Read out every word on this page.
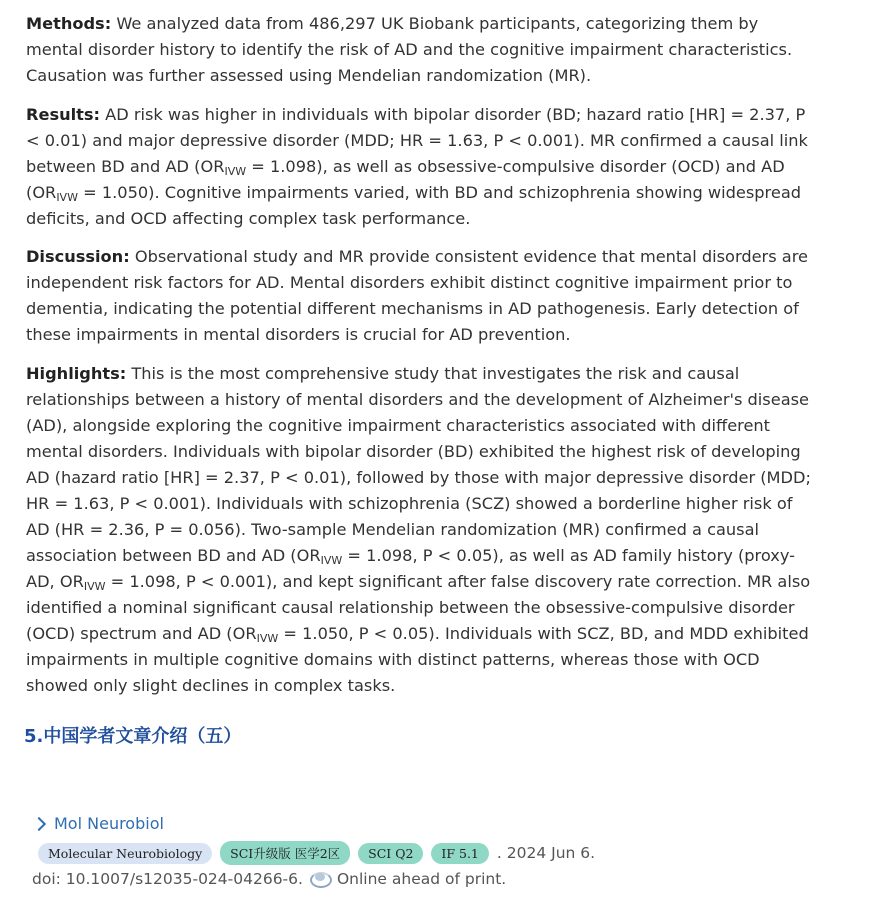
Methods: We analyzed data from 486,297 UK Biobank participants, categorizing them by mental disorder history to identify the risk of AD and the cognitive impairment characteristics. Causation was further assessed using Mendelian randomization (MR).

Results: AD risk was higher in individuals with bipolar disorder (BD; hazard ratio [HR] = 2.37, P < 0.01) and major depressive disorder (MDD; HR = 1.63, P < 0.001). MR confirmed a causal link between BD and AD $(OR_{IVW} = 1.098)$, as well as obsessive-compulsive disorder (OCD) and AD $(OR_{IVW} = 1.050)$. Cognitive impairments varied, with BD and schizophrenia showing widespread deficits, and OCD affecting complex task performance.

Discussion: Observational study and MR provide consistent evidence that mental disorders are independent risk factors for AD. Mental disorders exhibit distinct cognitive impairment prior to dementia, indicating the potential different mechanisms in AD pathogenesis. Early detection of these impairments in mental disorders is crucial for AD prevention.

Highlights: This is the most comprehensive study that investigates the risk and causal relationships between a history of mental disorders and the development of Alzheimer's disease (AD), alongside exploring the cognitive impairment characteristics associated with different mental disorders. Individuals with bipolar disorder (BD) exhibited the highest risk of developing AD (hazard ratio [HR] = 2.37, P < 0.01), followed by those with major depressive disorder (MDD; HR = 1.63, P < 0.001). Individuals with schizophrenia (SCZ) showed a borderline higher risk of AD (HR = 2.36, P = 0.056). Two-sample Mendelian randomization (MR) confirmed a causal association between BD and AD ($OR_{IVW} = 1.098$, P < 0.05), as well as AD family history (proxy-AD, $OR_{IVW} = 1.098$, P < 0.001), and kept significant after false discovery rate correction. MR also identified a nominal significant causal relationship between the obsessive-compulsive disorder (OCD) spectrum and AD ($OR_{IVW} = 1.050$, P < 0.05). Individuals with SCZ, BD, and MDD exhibited impairments in multiple cognitive domains with distinct patterns, whereas those with OCD showed only slight declines in complex tasks.

5.中国学者文章介绍（五）
Mol Neurobiol
Molecular Neurobiology	SCI升级版 医学2区	SCI Q2	IF 5.1	. 2024 Jun 6.
doi: 10.1007/s12035-024-04266-6. Online ahead of print.
